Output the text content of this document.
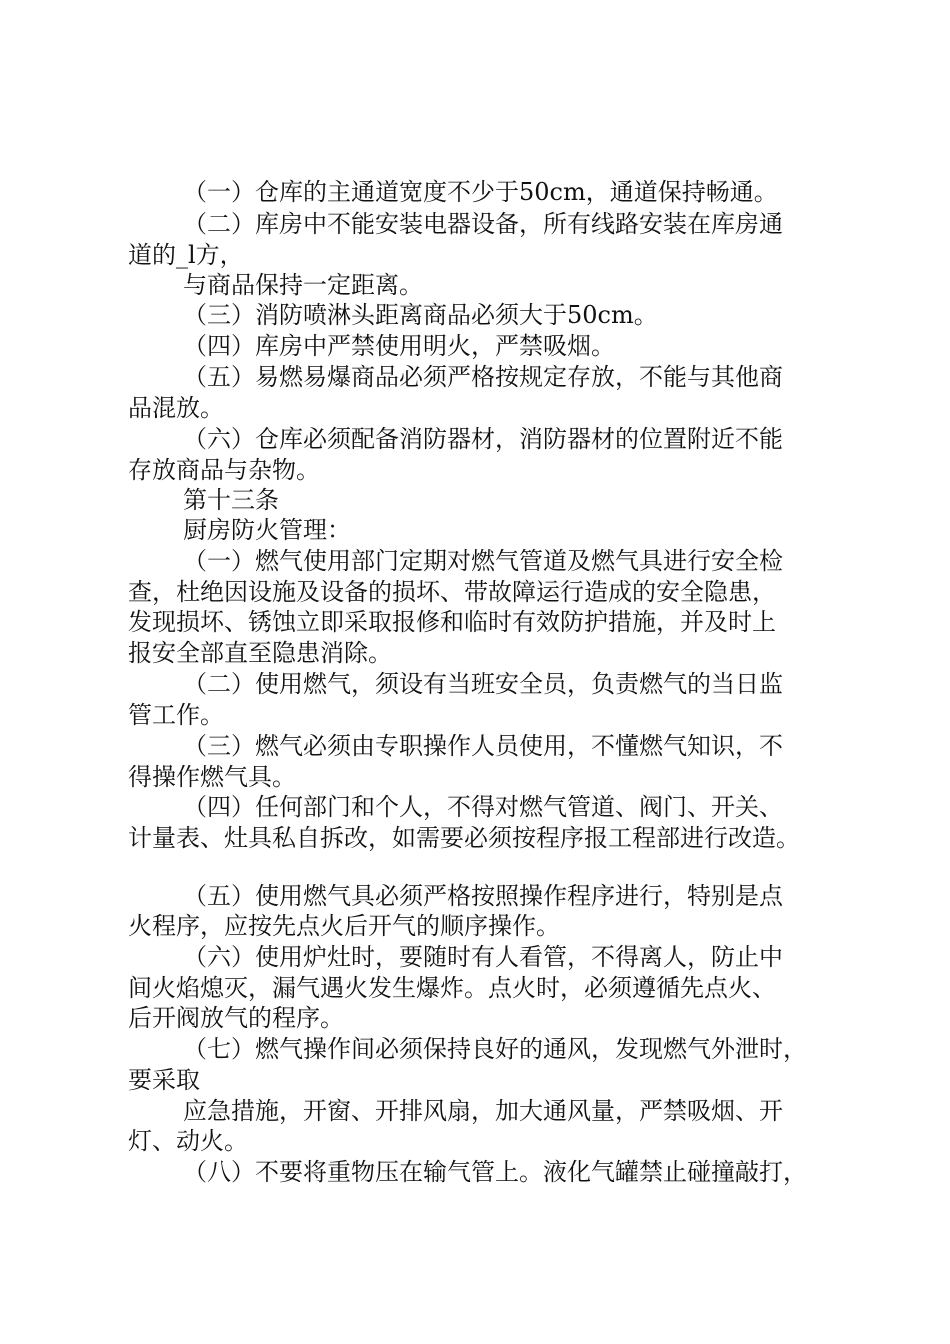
（一）仓库的主通道宽度不少于50cm，通道保持畅通。

（二）库房中不能安装电器设备，所有线路安装在库房通

道的_l方，

与商品保持一定距离。

（三）消防喷淋头距离商品必须大于50cm。

（四）库房中严禁使用明火，严禁吸烟。

（五）易燃易爆商品必须严格按规定存放，不能与其他商

品混放。

（六）仓库必须配备消防器材，消防器材的位置附近不能

存放商品与杂物。

第十三条

厨房防火管理：

（一）燃气使用部门定期对燃气管道及燃气具进行安全检

查，杜绝因设施及设备的损坏、带故障运行造成的安全隐患，

发现损坏、锈蚀立即采取报修和临时有效防护措施，并及时上

报安全部直至隐患消除。

（二）使用燃气，须设有当班安全员，负责燃气的当日监

管工作。

（三）燃气必须由专职操作人员使用，不懂燃气知识，不

得操作燃气具。

（四）任何部门和个人，不得对燃气管道、阀门、开关、

计量表、灶具私自拆改，如需要必须按程序报工程部进行改造。

（五）使用燃气具必须严格按照操作程序进行，特别是点

火程序，应按先点火后开气的顺序操作。

（六）使用炉灶时，要随时有人看管，不得离人，防止中

间火焰熄灭，漏气遇火发生爆炸。点火时，必须遵循先点火、

后开阀放气的程序。

（七）燃气操作间必须保持良好的通风，发现燃气外泄时，

要采取

应急措施，开窗、开排风扇，加大通风量，严禁吸烟、开

灯、动火。

（八）不要将重物压在输气管上。液化气罐禁止碰撞敲打，
